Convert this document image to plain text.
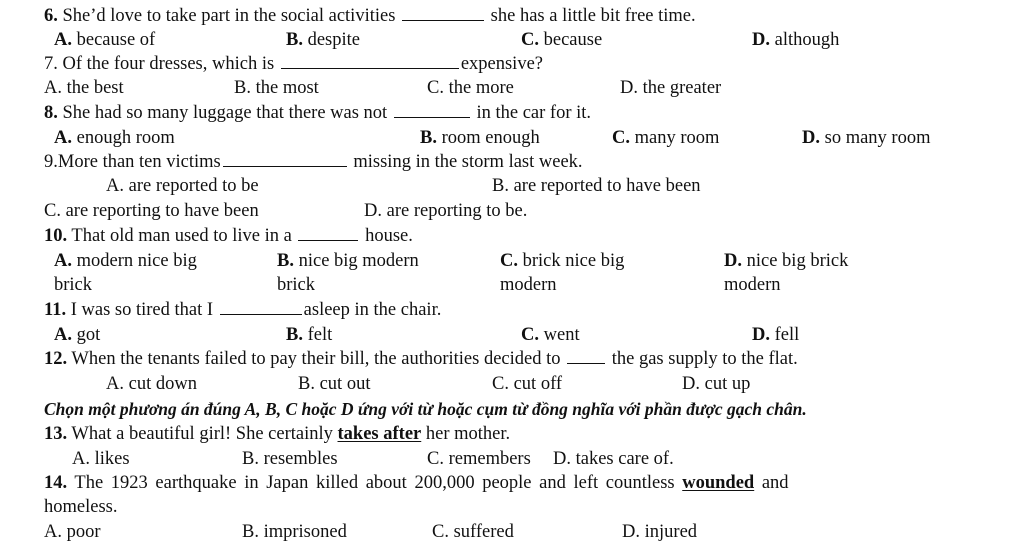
6. She’d love to take part in the social activities	she has a little bit free time.
A. because of	B. despite	C. because	D. although
7. Of the four dresses, which is	expensive?
A. the best	B. the most	C. the more	D. the greater
8. She had so many luggage that there was not	in the car for it.
A. enough room	B. room enough	C. many room	D. so many room
9.More than ten victims	missing in the storm last week.
A. are reported to be	B. are reported to have been
C. are reporting to have been	D. are reporting to be.
10. That old man used to live in a	house.
A. modern nice big
brick
B. nice big modern
brick
C. brick nice big
modern
D. nice big brick
modern
11. I was so tired that I	asleep in the chair.
A. got	B. felt	C. went	D. fell
12. When the tenants failed to pay their bill, the authorities decided to	the gas supply to the flat.
A. cut down	B. cut out	C. cut off	D. cut up
Chọn một phương án đúng A, B, C hoặc D ứng với từ hoặc cụm từ đồng nghĩa với phần được gạch chân.
13. What a beautiful girl! She certainly takes after her mother.
A. likes	B. resembles	C. remembers D. takes care of.
14. The 1923 earthquake in Japan killed about 200,000 people and left countless wounded and
homeless.
A. poor	B. imprisoned	C. suffered	D. injured
